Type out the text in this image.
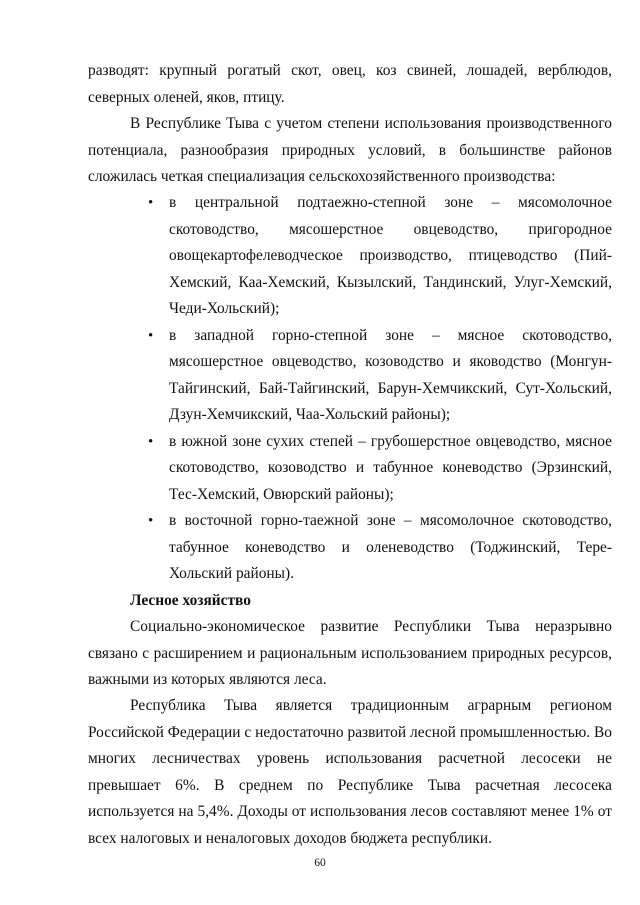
разводят: крупный рогатый скот, овец, коз свиней, лошадей, верблюдов, северных оленей, яков, птицу.

В Республике Тыва с учетом степени использования производственного потенциала, разнообразия природных условий, в большинстве районов сложилась четкая специализация сельскохозяйственного производства:

• в центральной подтаежно-степной зоне – мясомолочное скотоводство, мясошерстное овцеводство, пригородное овощекартофелеводческое производство, птицеводство (Пий-Хемский, Каа-Хемский, Кызылский, Тандинский, Улуг-Хемский, Чеди-Хольский);
• в западной горно-степной зоне – мясное скотоводство, мясошерстное овцеводство, козоводство и яководство (Монгун-Тайгинский, Бай-Тайгинский, Барун-Хемчикский, Сут-Хольский, Дзун-Хемчикский, Чаа-Хольский районы);
• в южной зоне сухих степей – грубошерстное овцеводство, мясное скотоводство, козоводство и табунное коневодство (Эрзинский, Тес-Хемский, Овюрский районы);
• в восточной горно-таежной зоне – мясомолочное скотоводство, табунное коневодство и оленеводство (Тоджинский, Тере-Хольский районы).

Лесное хозяйство

Социально-экономическое развитие Республики Тыва неразрывно связано с расширением и рациональным использованием природных ресурсов, важными из которых являются леса.

Республика Тыва является традиционным аграрным регионом Российской Федерации с недостаточно развитой лесной промышленностью. Во многих лесничествах уровень использования расчетной лесосеки не превышает 6%. В среднем по Республике Тыва расчетная лесосека используется на 5,4%. Доходы от использования лесов составляют менее 1% от всех налоговых и неналоговых доходов бюджета республики.

60
